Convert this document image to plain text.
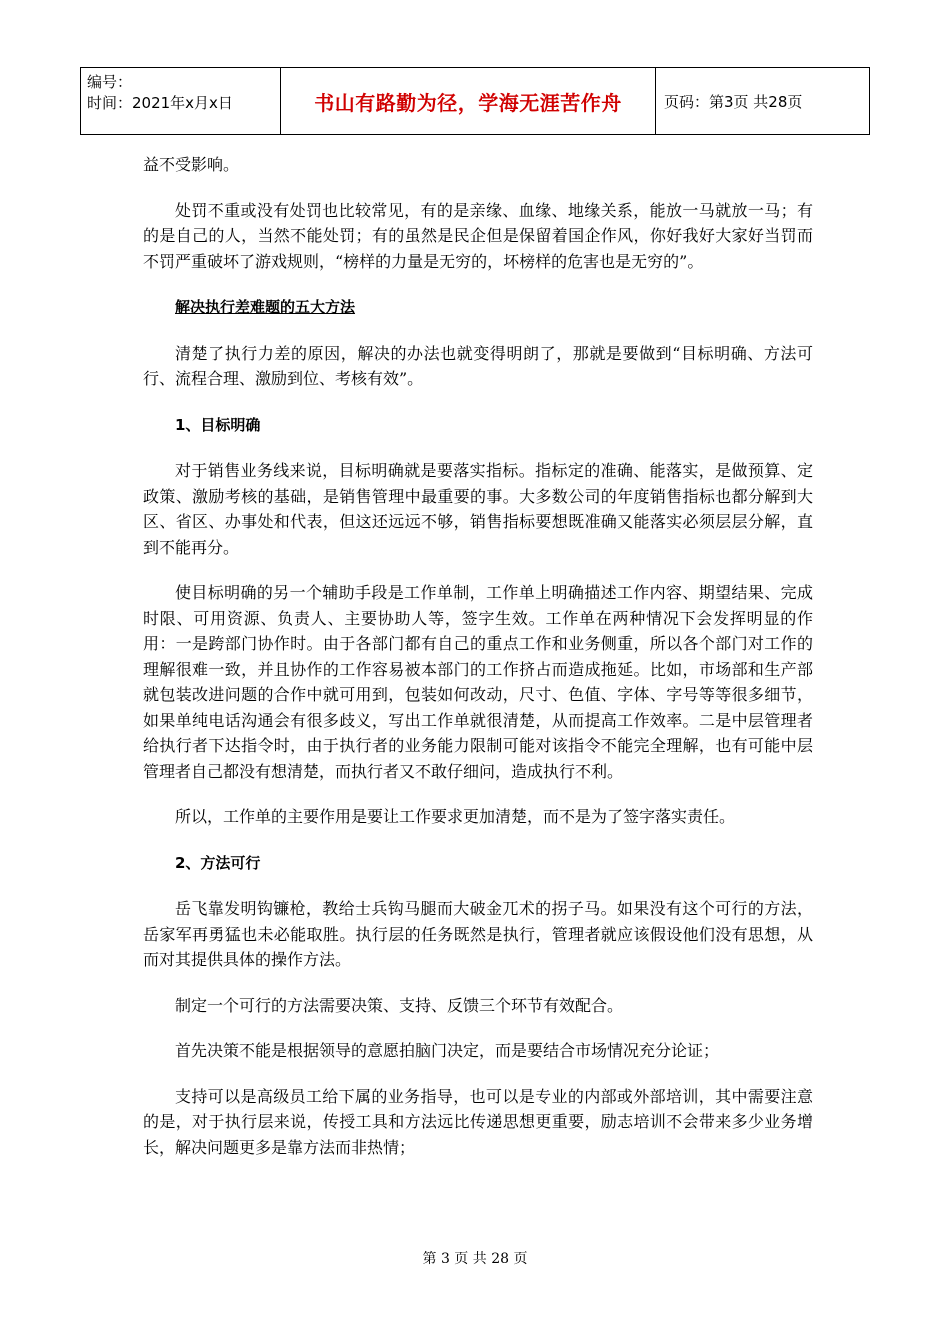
编号：
时间：2021年x月x日	书山有路勤为径，学海无涯苦作舟	页码：第3页 共28页

益不受影响。

处罚不重或没有处罚也比较常见，有的是亲缘、血缘、地缘关系，能放一马就放一马；有的是自己的人，当然不能处罚；有的虽然是民企但是保留着国企作风，你好我好大家好当罚而不罚严重破坏了游戏规则，“榜样的力量是无穷的，坏榜样的危害也是无穷的”。

解决执行差难题的五大方法

清楚了执行力差的原因，解决的办法也就变得明朗了，那就是要做到“目标明确、方法可行、流程合理、激励到位、考核有效”。

1、目标明确

对于销售业务线来说，目标明确就是要落实指标。指标定的准确、能落实，是做预算、定政策、激励考核的基础，是销售管理中最重要的事。大多数公司的年度销售指标也都分解到大区、省区、办事处和代表，但这还远远不够，销售指标要想既准确又能落实必须层层分解，直到不能再分。

使目标明确的另一个辅助手段是工作单制，工作单上明确描述工作内容、期望结果、完成时限、可用资源、负责人、主要协助人等，签字生效。工作单在两种情况下会发挥明显的作用：一是跨部门协作时。由于各部门都有自己的重点工作和业务侧重，所以各个部门对工作的理解很难一致，并且协作的工作容易被本部门的工作挤占而造成拖延。比如，市场部和生产部就包装改进问题的合作中就可用到，包装如何改动，尺寸、色值、字体、字号等等很多细节，如果单纯电话沟通会有很多歧义，写出工作单就很清楚，从而提高工作效率。二是中层管理者给执行者下达指令时，由于执行者的业务能力限制可能对该指令不能完全理解，也有可能中层管理者自己都没有想清楚，而执行者又不敢仔细问，造成执行不利。

所以，工作单的主要作用是要让工作要求更加清楚，而不是为了签字落实责任。

2、方法可行

岳飞靠发明钩镰枪，教给士兵钩马腿而大破金兀术的拐子马。如果没有这个可行的方法，岳家军再勇猛也未必能取胜。执行层的任务既然是执行，管理者就应该假设他们没有思想，从而对其提供具体的操作方法。

制定一个可行的方法需要决策、支持、反馈三个环节有效配合。

首先决策不能是根据领导的意愿拍脑门决定，而是要结合市场情况充分论证；

支持可以是高级员工给下属的业务指导，也可以是专业的内部或外部培训，其中需要注意的是，对于执行层来说，传授工具和方法远比传递思想更重要，励志培训不会带来多少业务增长，解决问题更多是靠方法而非热情；

第 3 页 共 28 页
